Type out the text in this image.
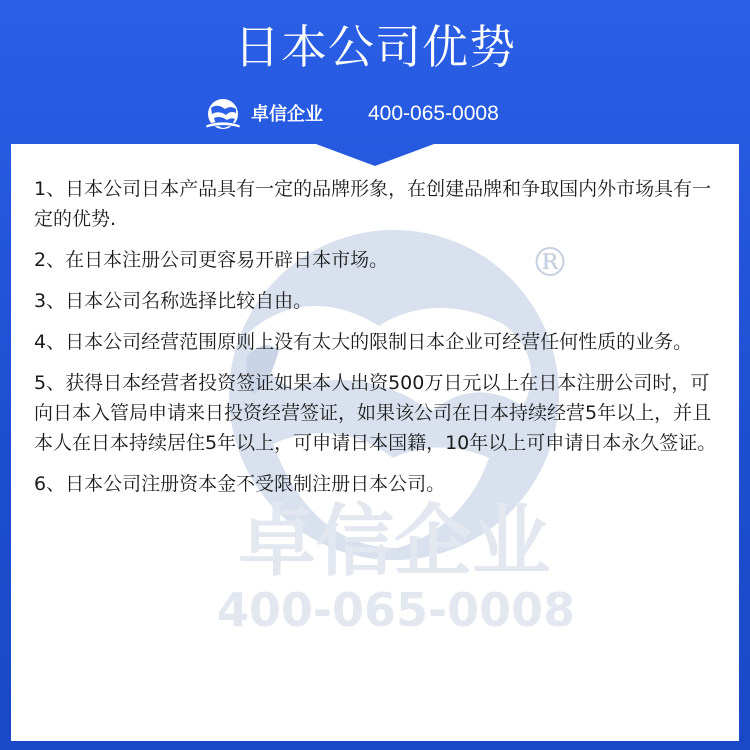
日本公司优势
卓信企业 400-065-0008
®
卓信企业
400-065-0008
1、日本公司日本产品具有一定的品牌形象，在创建品牌和争取国内外市场具有一定的优势.
2、在日本注册公司更容易开辟日本市场。
3、日本公司名称选择比较自由。
4、日本公司经营范围原则上没有太大的限制日本企业可经营任何性质的业务。
5、获得日本经营者投资签证如果本人出资500万日元以上在日本注册公司时，可向日本入管局申请来日投资经营签证，如果该公司在日本持续经营5年以上，并且本人在日本持续居住5年以上，可申请日本国籍，10年以上可申请日本永久签证。
6、日本公司注册资本金不受限制注册日本公司。
